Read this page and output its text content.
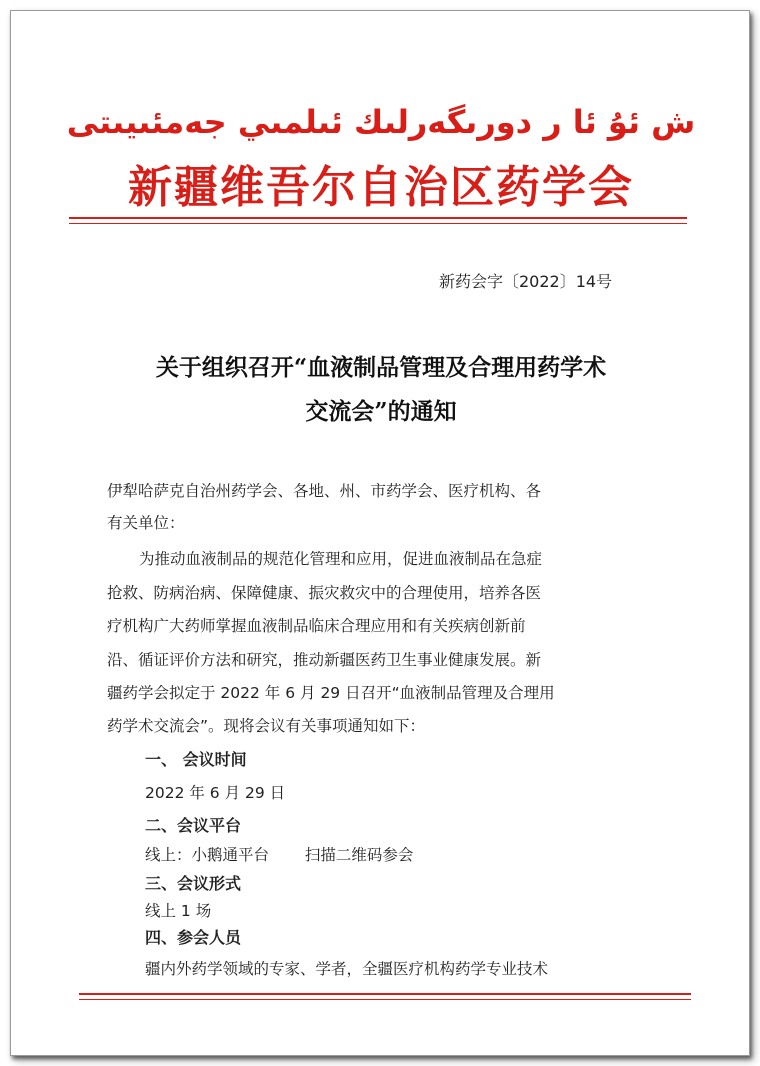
ش ئۇ ئا ر دورىگەرلىك ئىلمىي جەمئىيىتى
新疆维吾尔自治区药学会
新药会字〔2022〕14号
关于组织召开“血液制品管理及合理用药学术
交流会”的通知
伊犁哈萨克自治州药学会、各地、州、市药学会、医疗机构、各
有关单位：
为推动血液制品的规范化管理和应用，促进血液制品在急症
抢救、防病治病、保障健康、振灾救灾中的合理使用，培养各医
疗机构广大药师掌握血液制品临床合理应用和有关疾病创新前
沿、循证评价方法和研究，推动新疆医药卫生事业健康发展。新
疆药学会拟定于 2022 年 6 月 29 日召开“血液制品管理及合理用
药学术交流会”。现将会议有关事项通知如下：
一、 会议时间
2022 年 6 月 29 日
二、会议平台
线上：小鹅通平台　　 扫描二维码参会
三、会议形式
线上 1 场
四、参会人员
疆内外药学领域的专家、学者，全疆医疗机构药学专业技术
